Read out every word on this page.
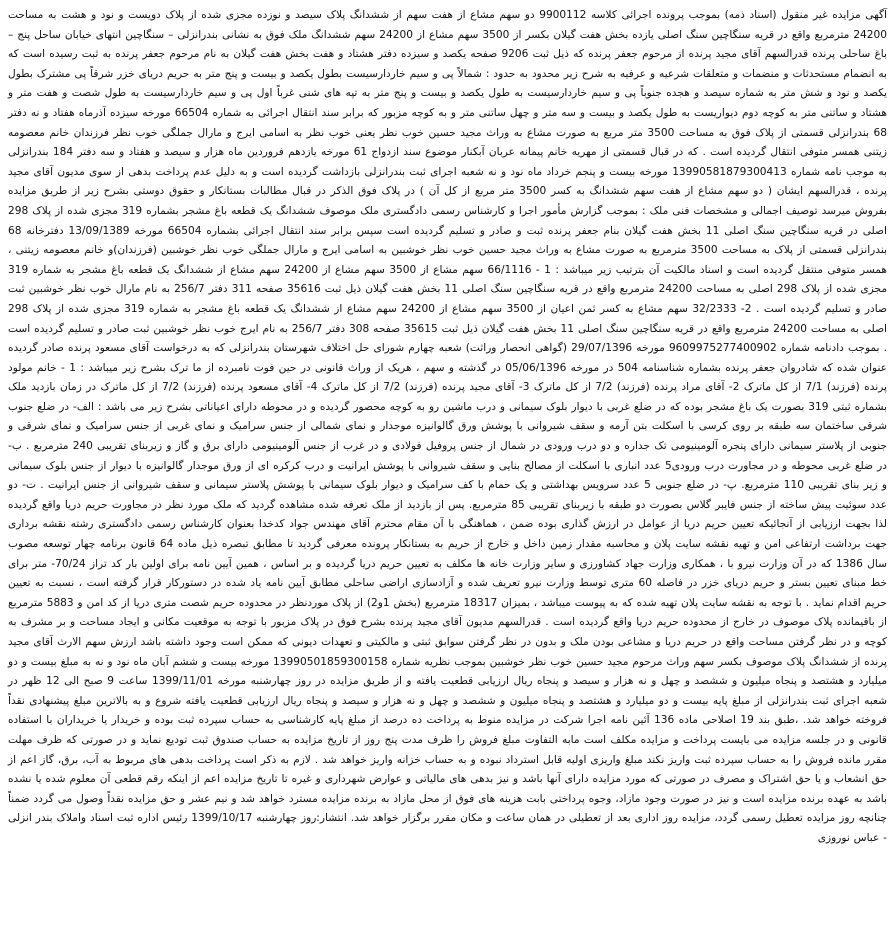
آگهی مزایده غیر منقول (اسناد ذمه) بموجب پرونده اجرائی کلاسه 9900112 دو سهم مشاع از هفت سهم از ششدانگ پلاک سیصد و نوزده مجزی شده از پلاک دویست و نود و هشت به مساحت 24200 مترمربع واقع در قریه سنگاچین سنگ اصلی یازده بخش هفت گیلان بکسر از 3500 سهم مشاع از 24200 سهم ششدانگ ملک فوق به نشانی بندرانزلی – سنگاچین انتهای خیابان ساحل پنج – باغ ساحلی پرنده قدرالسهم آقای مجید پرنده از مرحوم جعفر پرنده که ذیل ثبت 9206 صفحه یکصد و سیزده دفتر هشتاد و هفت بخش هفت گیلان به نام مرحوم جعفر پرنده به ثبت رسیده است که به انضمام مستحدثات و منضمات و متعلقات شرعیه و عرفیه به شرح زیر محدود به حدود : شمالاً پی و سیم خاردارسیست بطول یکصد و بیست و پنج متر به حریم دریای خزر شرقاً پی مشترک بطول یکصد و نود و شش متر به شماره سیصد و هجده جنوباً پی و سیم خاردارسیست به طول یکصد و بیست و پنج متر به تپه های شنی غرباً اول پی و سیم خاردارسیست به طول شصت و هفت متر و هشتاد و ساتنی متر به کوچه دوم دیواریست به طول یکصد و بیست و سه متر و چهل ساتنی متر و به کوچه مزبور که برابر سند انتقال اجرائی به شماره 66504 مورخه سیزده آذرماه هفتاد و نه دفتر 68 بندرانزلی قسمتی از پلاک فوق به مساحت 3500 متر مربع به صورت مشاع به وراث مجید حسین خوب نظر یعنی خوب نظر به اسامی ایرج و مارال جملگی خوب نظر فرزندان خانم معصومه زیتنی همسر متوفی انتقال گردیده است . که در قبال قسمتی از مهریه خانم پیمانه عربان آبکنار موضوع سند ازدواج 61 مورخه یازدهم فروردین ماه هزار و سیصد و هفتاد و سه دفتر 184 بندرانزلی به موجب نامه شماره 13990581879300413 مورخه بیست و پنجم خرداد ماه نود و نه شعبه اجرای ثبت بندرانزلی بازداشت گردیده است و به دلیل عدم پرداخت بدهی از سوی مدیون آقای مجید پرنده ، قدرالسهم ایشان ( دو سهم مشاع از هفت سهم ششدانگ به کسر 3500 متر مربع از کل آن ) در پلاک فوق الذکر در قبال مطالبات بستانکار و حقوق دوستی بشرح زیر از طریق مزایده بفروش میرسد توصیف اجمالی و مشخصات فنی ملک : بموجب گزارش مأمور اجرا و کارشناس رسمی دادگستری ملک موصوف ششدانگ یک قطعه باغ مشجر بشماره 319 مجزی شده از پلاک 298 اصلی در قریه سنگاچین سنگ اصلی 11 بخش هفت گیلان بنام جعفر پرنده ثبت و صادر و تسلیم گردیده است سپس برابر سند انتقال اجرائی بشماره 66504 مورخه 13/09/1389 دفترخانه 68 بندرانزلی قسمتی از پلاک به مساحت 3500 مترمربع به صورت مشاع به وراث مجید حسین خوب نظر خوشبین به اسامی ایرج و مارال جملگی خوب نظر خوشبین (فرزندان)و خانم معصومه زیتنی ، همسر متوفی منتقل گردیده است و اسناد مالکیت آن بترتیب زیر میباشد : 1 - 66/1116 سهم مشاع از 3500 سهم مشاع از 24200 سهم مشاع از ششدانگ یک قطعه باغ مشجر به شماره 319 مجزی شده از پلاک 298 اصلی به مساحت 24200 مترمربع واقع در قریه سنگاچین سنگ اصلی 11 بخش هفت گیلان ذیل ثبت 35616 صفحه 311 دفتر 256/7 به نام مارال خوب نظر خوشبین ثبت صادر و تسلیم گردیده است . 2- 32/2333 سهم مشاع به کسر ثمن اعیان از 3500 سهم مشاع از 24200 سهم مشاع از ششدانگ یک قطعه باغ مشجر به شماره 319 مجزی شده از پلاک 298 اصلی به مساحت 24200 مترمربع واقع در قریه سنگاچین سنگ اصلی 11 بخش هفت گیلان ذیل ثبت 35615 صفحه 308 دفتر 256/7 به نام ایرج خوب نظر خوشبین ثبت صادر و تسلیم گردیده است . بموجب دادنامه شماره 9609975277400902 مورخه 29/07/1396 (گواهی انحصار وراثت) شعبه چهارم شورای حل اختلاف شهرستان بندرانزلی که به درخواست آقای مسعود پرنده صادر گردیده عنوان شده که شادروان جعفر پرنده بشماره شناسنامه 504 در مورخه 05/06/1396 در گذشته و سهم ، هریک از وراث قانونی در حین فوت نامبرده از ما ترک بشرح زیر میباشد : 1 - خانم مولود پرنده (فرزند) 7/1 از کل ماترک 2- آقای مراد پرنده (فرزند) 7/2 از کل ماترک 3- آقای مجید پرنده (فرزند) 7/2 از کل ماترک 4- آقای مسعود پرنده (فرزند) 7/2 از کل ماترک در زمان بازدید ملک بشماره ثبتی 319 بصورت یک باغ مشجر بوده که در ضلع غربی با دیوار بلوک سیمانی و درب ماشین رو به کوچه محصور گردیده و در محوطه دارای اعیاناتی بشرح زیر می باشد : الف- در ضلع جنوب شرقی ساختمان سه طبقه بر روی کرسی با اسکلت بتن آرمه و سقف شیروانی با پوشش ورق گالوانیزه موجدار و نمای شمالی از جنس سرامیک و نمای غربی از جنس سرامیک و نمای شرقی و جنوبی از پلاستر سیمانی دارای پنجره آلومینیومی تک جداره و دو درب ورودی در شمال از جنس پروفیل فولادی و در غرب از جنس آلومینیومی دارای برق و گاز و زیربنای تقریبی 240 مترمربع . ب- در ضلع غربی محوطه و در مجاورت درب ورودی5 عدد انباری با اسکلت از مصالح بنایی و سقف شیروانی با پوشش ایرانیت و درب کرکره ای از ورق موجدار گالوانیزه با دیوار از جنس بلوک سیمانی و زیر بنای تقریبی 110 مترمربع. پ- در ضلع جنوبی 5 عدد سرویس بهداشتی و یک حمام با کف سرامیک و دیوار بلوک سیمانی با پوشش پلاستر سیمانی و سقف شیروانی از جنس ایرانیت . ت- دو عدد سوئیت پیش ساخته از جنس فایبر گلاس بصورت دو طبقه با زیربنای تقریبی 85 مترمربع. پس از بازدید از ملک تعرفه شده مشاهده گردید که ملک مورد نظر در مجاورت حریم دریا واقع گردیده لذا بجهت ارزیابی از آنجائیکه تعیین حریم دریا از عوامل در ارزش گذاری بوده ضمن ، هماهنگی با آن مقام محترم آقای مهندس جواد کدخدا بعنوان کارشناس رسمی دادگستری رشته نقشه برداری جهت برداشت ارتفاعی امن و تهیه نقشه سایت پلان و محاسبه مقدار زمین داخل و خارج از حریم به بستانکار پرونده معرفی گردید تا مطابق تبصره ذیل ماده 64 قانون برنامه چهار توسعه مصوب سال 1386 که در آن وزارت نیرو با ، همکاری وزارت جهاد کشاورزی و سایر وزارت خانه ها مکلف به تعیین حریم دریا گردیده و بر اساس ، همین آیین نامه برای اولین بار کد تراز 70/24- متر برای خط مبنای تعیین بستر و حریم دریای خزر در فاصله 60 متری توسط وزارت نیرو تعریف شده و آزادسازی اراضی ساحلی مطابق آیین نامه یاد شده در دستورکار قرار گرفته است ، نسبت به تعیین حریم اقدام نماید . با توجه به نقشه سایت پلان تهیه شده که به پیوست میباشد ، بمیزان 18317 مترمربع (بخش 1و2) از پلاک موردنظر در محدوده حریم شصت متری دریا از کد امن و 5883 مترمربع از باقیمانده پلاک موصوف در خارج از محدوده حریم دریا واقع گردیده است . قدرالسهم مدیون آقای مجید پرنده بشرح فوق در پلاک مزبور با توجه به موقعیت مکانی و ایجاد مساحت و بر مشرف به کوچه و در نظر گرفتن مساحت واقع در حریم دریا و مشاعی بودن ملک و بدون در نظر گرفتن سوابق ثبتی و مالکیتی و تعهدات دیونی که ممکن است وجود داشته باشد ارزش سهم الارث آقای مجید پرنده از ششدانگ پلاک موصوف بکسر سهم وراث مرحوم مجید حسین خوب نظر خوشبین بموجب نظریه شماره 13990501859300158 مورخه بیست و ششم آبان ماه نود و نه به مبلغ بیست و دو میلیارد و هشتصد و پنجاه میلیون و ششصد و چهل و نه هزار و سیصد و پنجاه ریال ارزیابی قطعیت یافته و از طریق مزایده در روز چهارشنبه مورخه 1399/11/01 ساعت 9 صبح الی 12 ظهر در شعبه اجرای ثبت بندرانزلی از مبلغ پایه بیست و دو میلیارد و هشتصد و پنجاه میلیون و ششصد و چهل و نه هزار و سیصد و پنجاه ریال ارزیابی قطعیت یافته شروع و به بالاترین مبلغ پیشنهادی نقداً فروخته خواهد شد. ،طبق بند 19 اصلاحی ماده 136 آئین نامه اجرا شرکت در مزایده منوط به پرداخت ده درصد از مبلغ پایه کارشناسی به حساب سپرده ثبت بوده و خریدار یا خریداران با استفاده قانونی و در جلسه مزایده می بایست پرداخت و مزایده مکلف است مابه التفاوت مبلغ فروش را ظرف مدت پنج روز از تاریخ مزایده به حساب صندوق ثبت تودیع نماید و در صورتی که ظرف مهلت مقرر مانده فروش را به حساب سپرده ثبت واریز نکند مبلغ واریزی اولیه قابل استرداد نبوده و به حساب خزانه واریز خواهد شد . لازم به ذکر است پرداخت بدهی های مربوط به آب، برق، گاز اعم از حق انشعاب و یا حق اشتراک و مصرف در صورتی که مورد مزایده دارای آنها باشد و نیز بدهی های مالیاتی و عوارض شهرداری و غیره تا تاریخ مزایده اعم از اینکه رقم قطعی آن معلوم شده یا نشده باشد به عهده برنده مزایده است و نیز در صورت وجود مازاد، وجوه پرداختی بابت هزینه های فوق از محل مازاد به برنده مزایده مسترد خواهد شد و نیم عشر و حق مزایده نقداً وصول می گردد ضمناً چنانچه روز مزایده تعطیل رسمی گردد، مزایده روز اداری بعد از تعطیلی در همان ساعت و مکان مقرر برگزار خواهد شد. انتشار:روز چهارشنبه 1399/10/17 رئیس اداره ثبت اسناد واملاک بندر انزلی - عباس نوروزی
